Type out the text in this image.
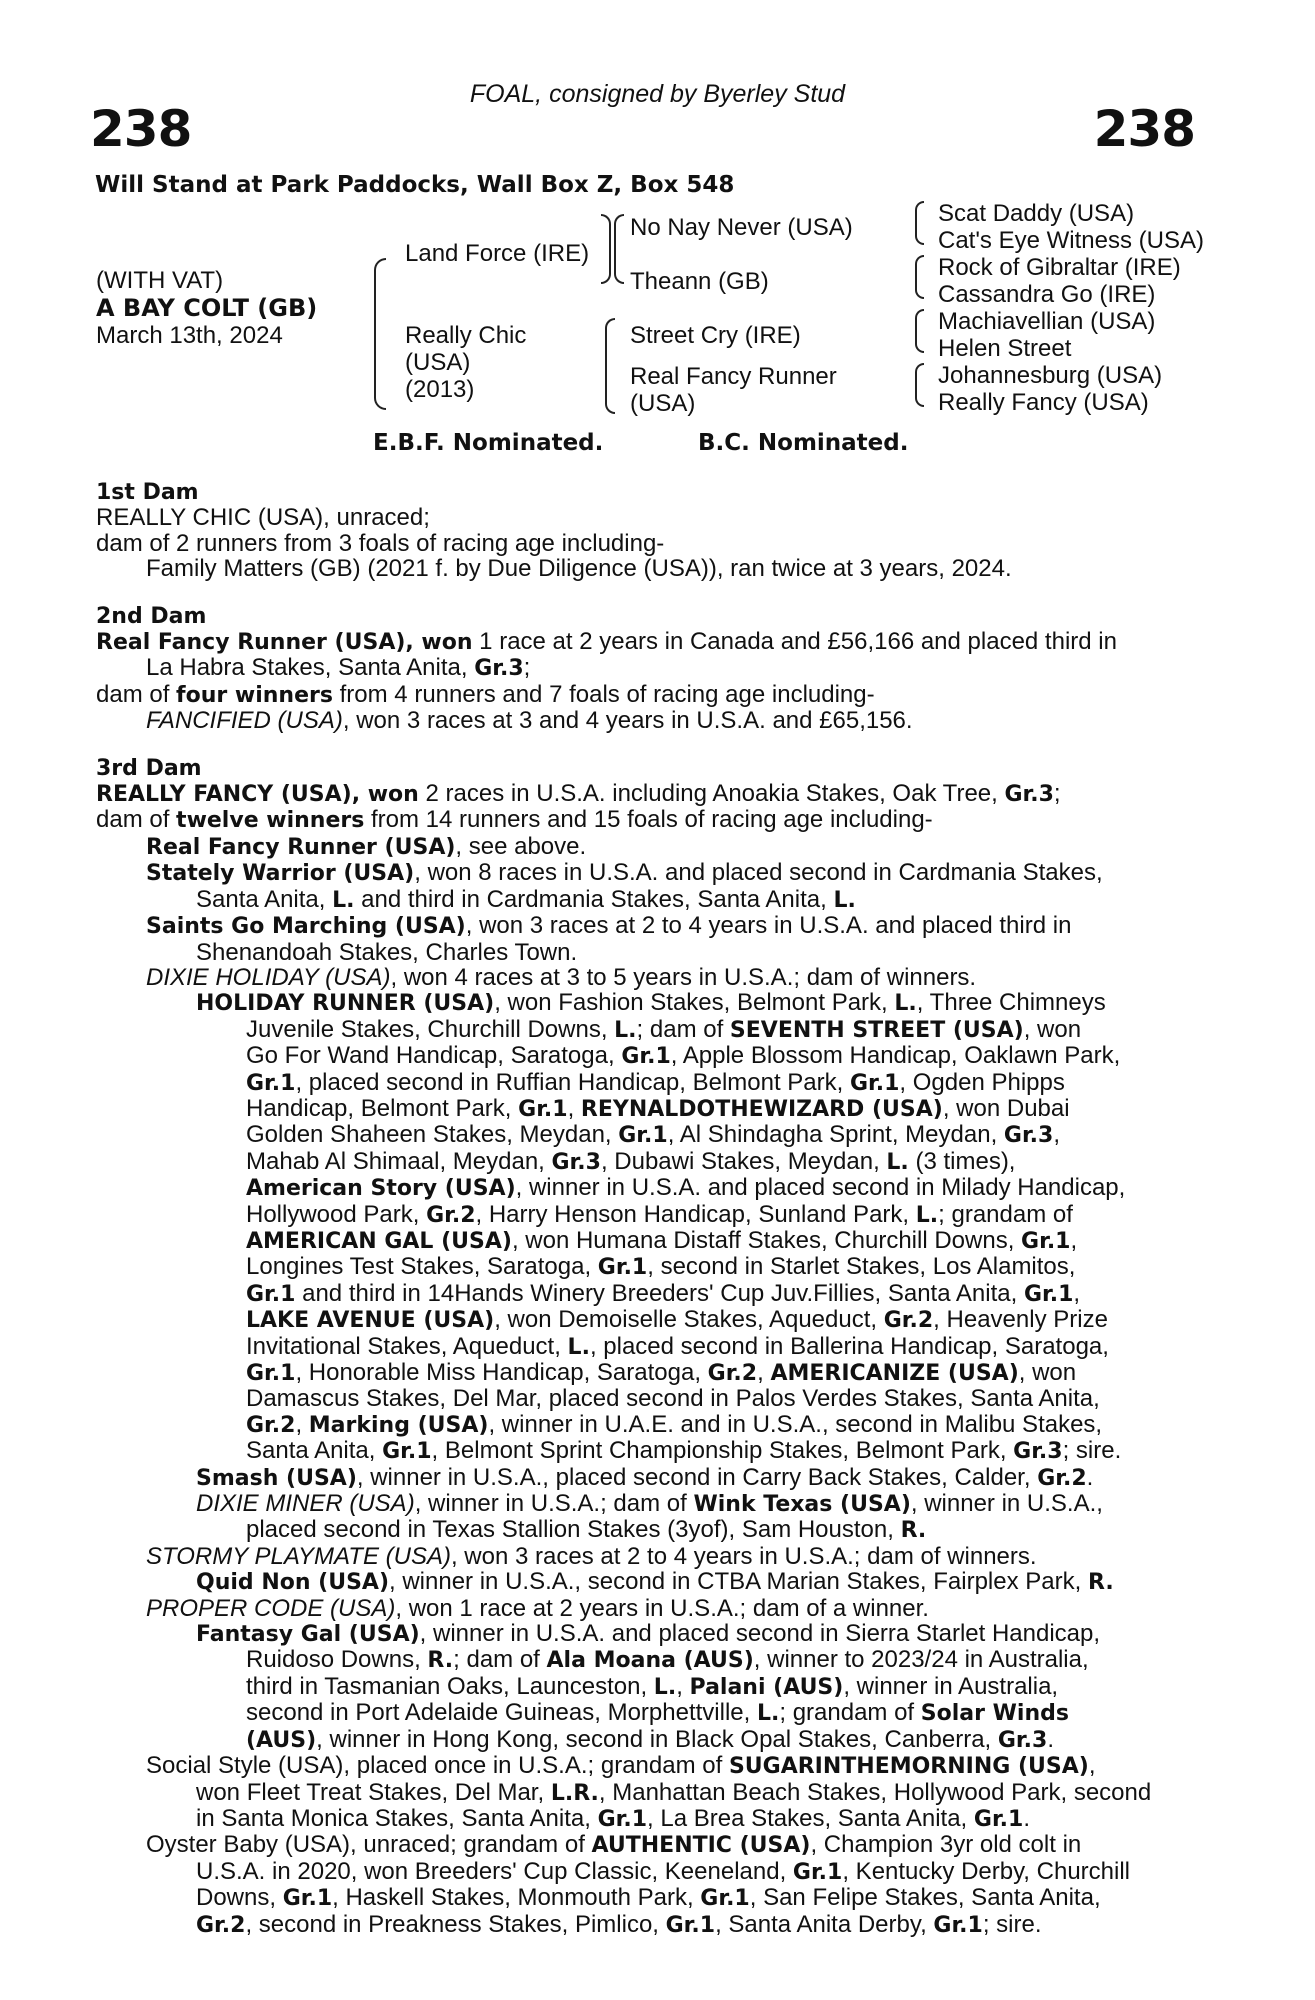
FOAL, consigned by Byerley Stud
238	238
Will Stand at Park Paddocks, Wall Box Z, Box 548
(WITH VAT)
A BAY COLT (GB)
March 13th, 2024
Land Force (IRE)
Really Chic
(USA)
(2013)
No Nay Never (USA)
Theann (GB)
Street Cry (IRE)
Real Fancy Runner
(USA)
Scat Daddy (USA)
Cat's Eye Witness (USA)
Rock of Gibraltar (IRE)
Cassandra Go (IRE)
Machiavellian (USA)
Helen Street
Johannesburg (USA)
Really Fancy (USA)
E.B.F. Nominated.	B.C. Nominated.
1st Dam
REALLY CHIC (USA), unraced;
dam of 2 runners from 3 foals of racing age including-
Family Matters (GB) (2021 f. by Due Diligence (USA)), ran twice at 3 years, 2024.
2nd Dam
Real Fancy Runner (USA), won 1 race at 2 years in Canada and £56,166 and placed third in
La Habra Stakes, Santa Anita, Gr.3;
dam of four winners from 4 runners and 7 foals of racing age including-
FANCIFIED (USA), won 3 races at 3 and 4 years in U.S.A. and £65,156.
3rd Dam
REALLY FANCY (USA), won 2 races in U.S.A. including Anoakia Stakes, Oak Tree, Gr.3;
dam of twelve winners from 14 runners and 15 foals of racing age including-
Real Fancy Runner (USA), see above.
Stately Warrior (USA), won 8 races in U.S.A. and placed second in Cardmania Stakes,
Santa Anita, L. and third in Cardmania Stakes, Santa Anita, L.
Saints Go Marching (USA), won 3 races at 2 to 4 years in U.S.A. and placed third in
Shenandoah Stakes, Charles Town.
DIXIE HOLIDAY (USA), won 4 races at 3 to 5 years in U.S.A.; dam of winners.
HOLIDAY RUNNER (USA), won Fashion Stakes, Belmont Park, L., Three Chimneys
Juvenile Stakes, Churchill Downs, L.; dam of SEVENTH STREET (USA), won
Go For Wand Handicap, Saratoga, Gr.1, Apple Blossom Handicap, Oaklawn Park,
Gr.1, placed second in Ruffian Handicap, Belmont Park, Gr.1, Ogden Phipps
Handicap, Belmont Park, Gr.1, REYNALDOTHEWIZARD (USA), won Dubai
Golden Shaheen Stakes, Meydan, Gr.1, Al Shindagha Sprint, Meydan, Gr.3,
Mahab Al Shimaal, Meydan, Gr.3, Dubawi Stakes, Meydan, L. (3 times),
American Story (USA), winner in U.S.A. and placed second in Milady Handicap,
Hollywood Park, Gr.2, Harry Henson Handicap, Sunland Park, L.; grandam of
AMERICAN GAL (USA), won Humana Distaff Stakes, Churchill Downs, Gr.1,
Longines Test Stakes, Saratoga, Gr.1, second in Starlet Stakes, Los Alamitos,
Gr.1 and third in 14Hands Winery Breeders' Cup Juv.Fillies, Santa Anita, Gr.1,
LAKE AVENUE (USA), won Demoiselle Stakes, Aqueduct, Gr.2, Heavenly Prize
Invitational Stakes, Aqueduct, L., placed second in Ballerina Handicap, Saratoga,
Gr.1, Honorable Miss Handicap, Saratoga, Gr.2, AMERICANIZE (USA), won
Damascus Stakes, Del Mar, placed second in Palos Verdes Stakes, Santa Anita,
Gr.2, Marking (USA), winner in U.A.E. and in U.S.A., second in Malibu Stakes,
Santa Anita, Gr.1, Belmont Sprint Championship Stakes, Belmont Park, Gr.3; sire.
Smash (USA), winner in U.S.A., placed second in Carry Back Stakes, Calder, Gr.2.
DIXIE MINER (USA), winner in U.S.A.; dam of Wink Texas (USA), winner in U.S.A.,
placed second in Texas Stallion Stakes (3yof), Sam Houston, R.
STORMY PLAYMATE (USA), won 3 races at 2 to 4 years in U.S.A.; dam of winners.
Quid Non (USA), winner in U.S.A., second in CTBA Marian Stakes, Fairplex Park, R.
PROPER CODE (USA), won 1 race at 2 years in U.S.A.; dam of a winner.
Fantasy Gal (USA), winner in U.S.A. and placed second in Sierra Starlet Handicap,
Ruidoso Downs, R.; dam of Ala Moana (AUS), winner to 2023/24 in Australia,
third in Tasmanian Oaks, Launceston, L., Palani (AUS), winner in Australia,
second in Port Adelaide Guineas, Morphettville, L.; grandam of Solar Winds
(AUS), winner in Hong Kong, second in Black Opal Stakes, Canberra, Gr.3.
Social Style (USA), placed once in U.S.A.; grandam of SUGARINTHEMORNING (USA),
won Fleet Treat Stakes, Del Mar, L.R., Manhattan Beach Stakes, Hollywood Park, second
in Santa Monica Stakes, Santa Anita, Gr.1, La Brea Stakes, Santa Anita, Gr.1.
Oyster Baby (USA), unraced; grandam of AUTHENTIC (USA), Champion 3yr old colt in
U.S.A. in 2020, won Breeders' Cup Classic, Keeneland, Gr.1, Kentucky Derby, Churchill
Downs, Gr.1, Haskell Stakes, Monmouth Park, Gr.1, San Felipe Stakes, Santa Anita,
Gr.2, second in Preakness Stakes, Pimlico, Gr.1, Santa Anita Derby, Gr.1; sire.
